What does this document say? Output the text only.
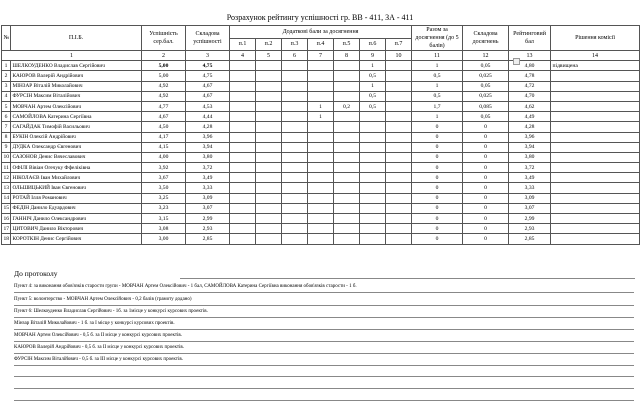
Розрахунок рейтингу успішності гр. ВВ - 411, ЗА - 411
№	П.І.Б.	Успішність сер.бал.	Складова успішності	Додаткові бали за досягнення							Разом за досягнення (до 5 балів)	Складова досягнень	Рейтинговий бал	Рішення комісії
				п.1	п.2	п.3	п.4	п.5	п.6	п.7				
1		2	3	4	5	6	7	8	9	10	11	12	13	14
1	ШЕЛКОУДЕНКО Владислав Сергійович	5,00	4,75						1		1	0,05	4,80	підвищена
2	КАЮРОВ Валерій Андрійович	5,00	4,75						0,5		0,5	0,025	4,78	
3	МІНЗАР Віталій Миколайович	4,92	4,67						1		1	0,05	4,72	
4	ФУРСІН Максим Віталійович	4,92	4,67						0,5		0,5	0,025	4,70	
5	МОВЧАН Артем Олексійович	4,77	4,53				1	0,2	0,5		1,7	0,085	4,62	
6	САМОЙЛОВА Катерина Сергіївна	4,67	4,44				1				1	0,05	4,49	
7	САГАЙДАК Тимофій Васильович	4,50	4,28								0	0	4,28	
8	БУКІН Олексій Андрійович	4,17	3,96								0	0	3,96	
9	ДУДКА Олександр Євгенович	4,15	3,94								0	0	3,94	
10	САЗОНОВ Денис Вячеславович	4,00	3,80								0	0	3,80	
11	ОФІЛІ Вівіан Огечуку Ффеліківна	3,92	3,72								0	0	3,72	
12	НІКОЛАЄВ Іван Михайлович	3,67	3,49								0	0	3,49	
13	ОЛЬШИЦЬКИЙ Іван Євгенович	3,50	3,33								0	0	3,33	
14	РОТАЙ Ілля Романович	3,25	3,09								0	0	3,09	
15	ФЕДІН Данило Едуардович	3,23	3,07								0	0	3,07	
16	ГАННІЧ Данило Олександрович	3,15	2,99								0	0	2,99	
17	ЦИТОВИЧ Данило Вікторович	3,08	2,93								0	0	2,93	
18	КОРОТКІН Денис Сергійович	3,00	2,85								0	0	2,85	
До протоколу
Пункт 4: за виконання обов'язків старости групи - МОВЧАН Артем Олексійович - 1 бал, САМОЙЛОВА Катерина Сергіївна виконання обов'язків старости - 1 б.
Пункт 5: волонтерство - МОВЧАН Артем Олексійович - 0,2 балів (грамоту додано)
Пункт 6: Шелкоуденко Владислав Сергійович - 1б. за 1місце у конкурсі курсових проектів.
Мінзар Віталій Миколайович - 1 б. за I місце у конкурсі курсових проектів.
МОВЧАН Артем Олексійович - 0,5 б. за II місце у конкурсі курсових проектів.
КАЮРОВ Валерій Андрійович - 0,5 б. за II місце у конкурсі курсових проектів.
ФУРСІН Максим Віталійович - 0,5 б. за III місце у конкурсі курсових проектів.
